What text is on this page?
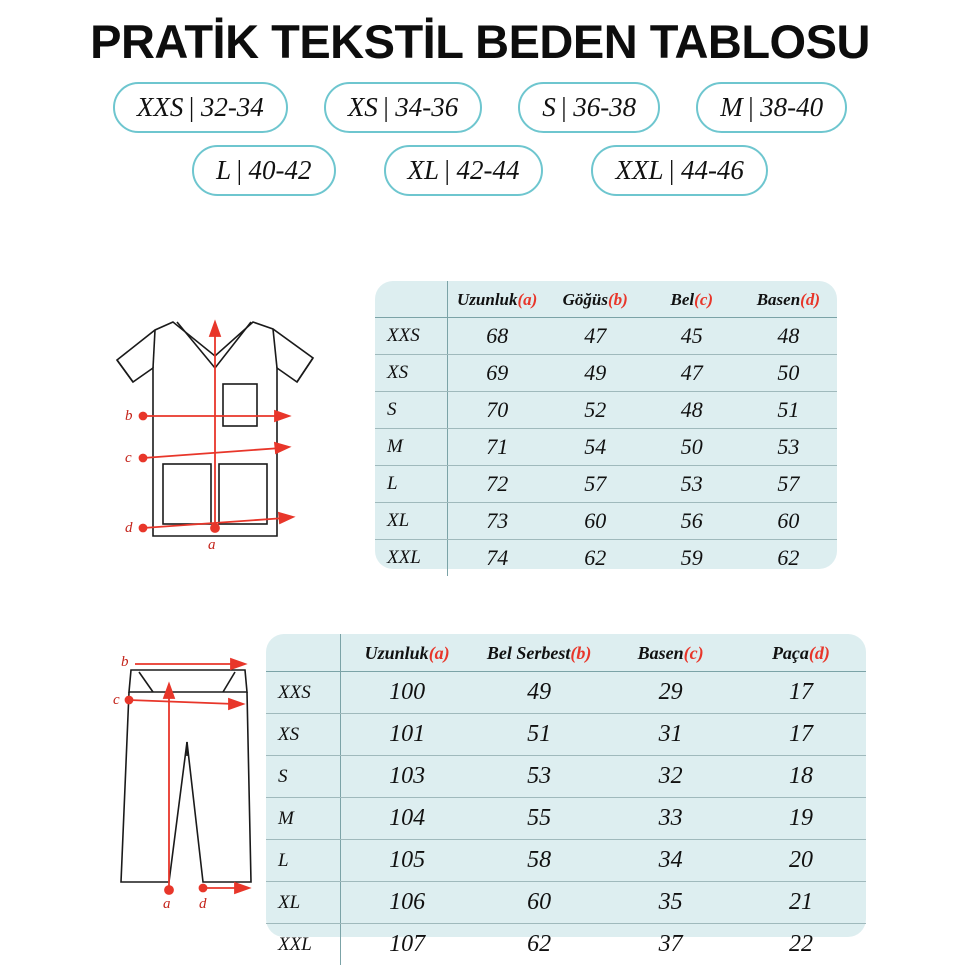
PRATİK TEKSTİL BEDEN TABLOSU
XXS | 32-34	XS | 34-36	S | 36-38	M | 38-40
L | 40-42	XL | 42-44	XXL | 44-46
b
c
d
a
b
c
a d
	Uzunluk(a)	Göğüs(b)	Bel(c)	Basen(d)
XXS	68	47	45	48
XS	69	49	47	50
S	70	52	48	51
M	71	54	50	53
L	72	57	53	57
XL	73	60	56	60
XXL	74	62	59	62
	Uzunluk(a)	Bel Serbest(b)	Basen(c)	Paça(d)
XXS	100	49	29	17
XS	101	51	31	17
S	103	53	32	18
M	104	55	33	19
L	105	58	34	20
XL	106	60	35	21
XXL	107	62	37	22
